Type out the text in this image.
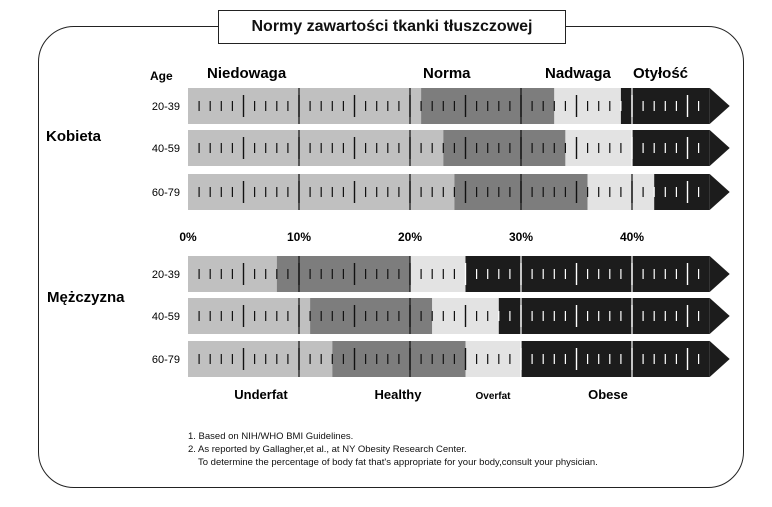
Normy zawartości tkanki tłuszczowej
Age Niedowaga	Norma	Nadwaga Otyłość
Kobieta
20-39
40-59
60-79
Mężczyzna
20-39
40-59
60-79
0%	10%	20%	30%	40%
Underfat	Healthy	Overfat	Obese
1. Based on NIH/WHO BMI Guidelines.
2. As reported by Gallagher,et al., at NY Obesity Research Center.
To determine the percentage of body fat that's appropriate for your body,consult your physician.
